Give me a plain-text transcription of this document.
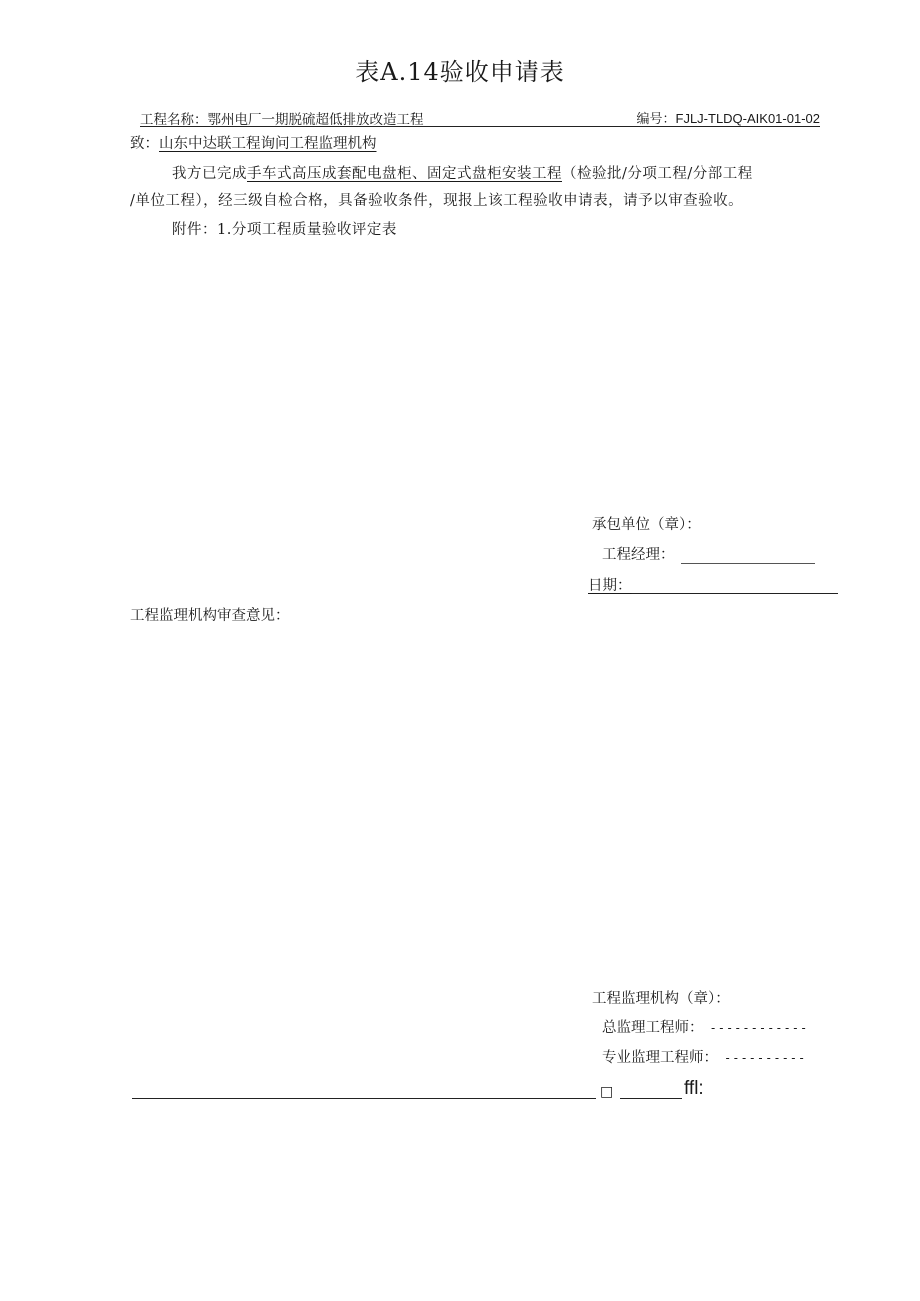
表A.14验收申请表
工程名称：鄂州电厂一期脱硫超低排放改造工程	编号：FJLJ-TLDQ-AIK01-01-02
致：山东中达联工程询问工程监理机构
我方已完成手车式高压成套配电盘柜、固定式盘柜安装工程（检验批/分项工程/分部工程
/单位工程），经三级自检合格，具备验收条件，现报上该工程验收申请表，请予以审查验收。
附件：1.分项工程质量验收评定表
承包单位（章）：
工程经理：
日期：
工程监理机构审查意见：
工程监理机构（章）：
总监理工程师： ------------
专业监理工程师： ----------
□	ffl:
